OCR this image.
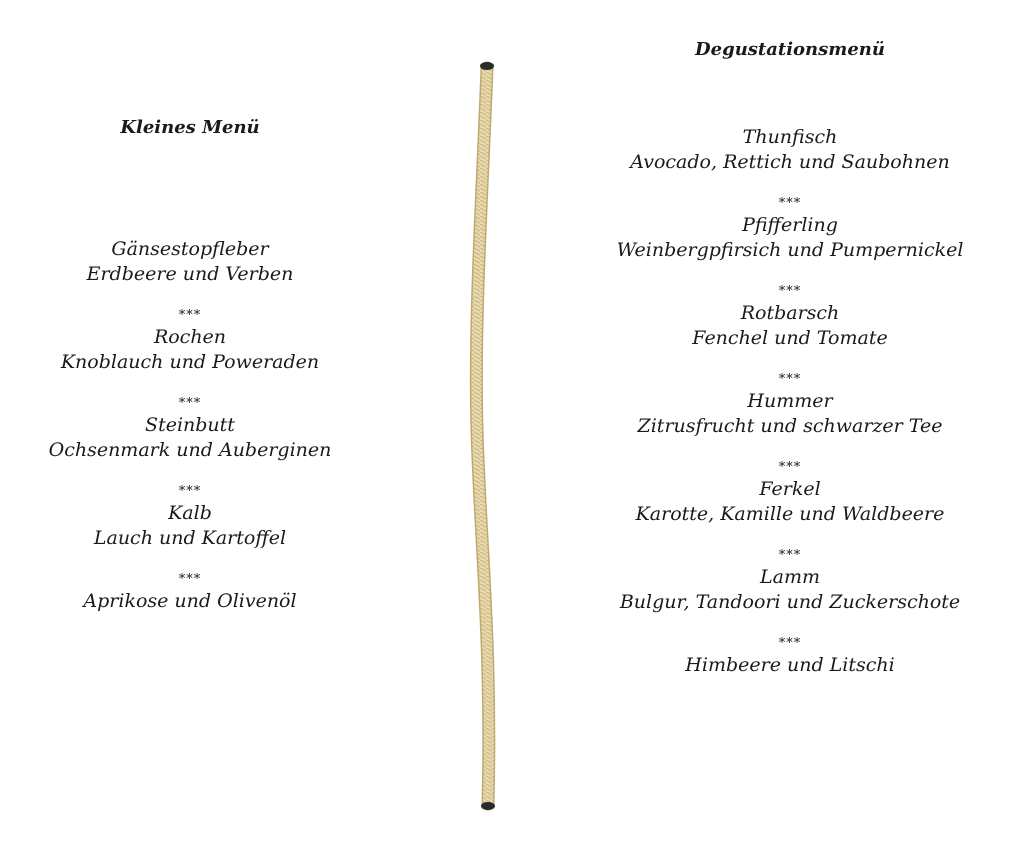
Kleines Menü
Gänsestopfleber
Erdbeere und Verben
***
Rochen
Knoblauch und Poweraden
***
Steinbutt
Ochsenmark und Auberginen
***
Kalb
Lauch und Kartoffel
***
Aprikose und Olivenöl
Degustationsmenü
Thunfisch
Avocado, Rettich und Saubohnen
***
Pfifferling
Weinbergpfirsich und Pumpernickel
***
Rotbarsch
Fenchel und Tomate
***
Hummer
Zitrusfrucht und schwarzer Tee
***
Ferkel
Karotte, Kamille und Waldbeere
***
Lamm
Bulgur, Tandoori und Zuckerschote
***
Himbeere und Litschi
